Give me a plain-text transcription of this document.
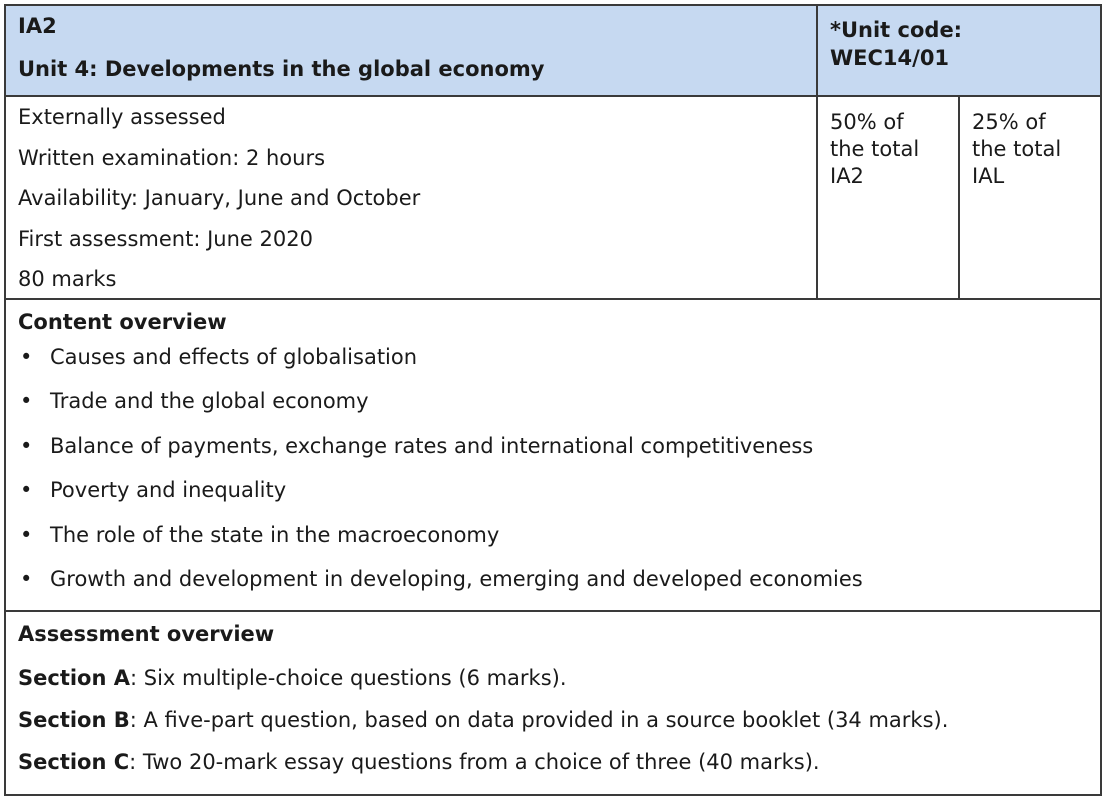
IA2
Unit 4: Developments in the global economy
*Unit code:
WEC14/01
Externally assessed
Written examination: 2 hours
Availability: January, June and October
First assessment: June 2020
80 marks
50% of
the total
IA2
25% of
the total
IAL
Content overview
• Causes and effects of globalisation
• Trade and the global economy
• Balance of payments, exchange rates and international competitiveness
• Poverty and inequality
• The role of the state in the macroeconomy
• Growth and development in developing, emerging and developed economies
Assessment overview
Section A: Six multiple-choice questions (6 marks).
Section B: A five-part question, based on data provided in a source booklet (34 marks).
Section C: Two 20-mark essay questions from a choice of three (40 marks).
